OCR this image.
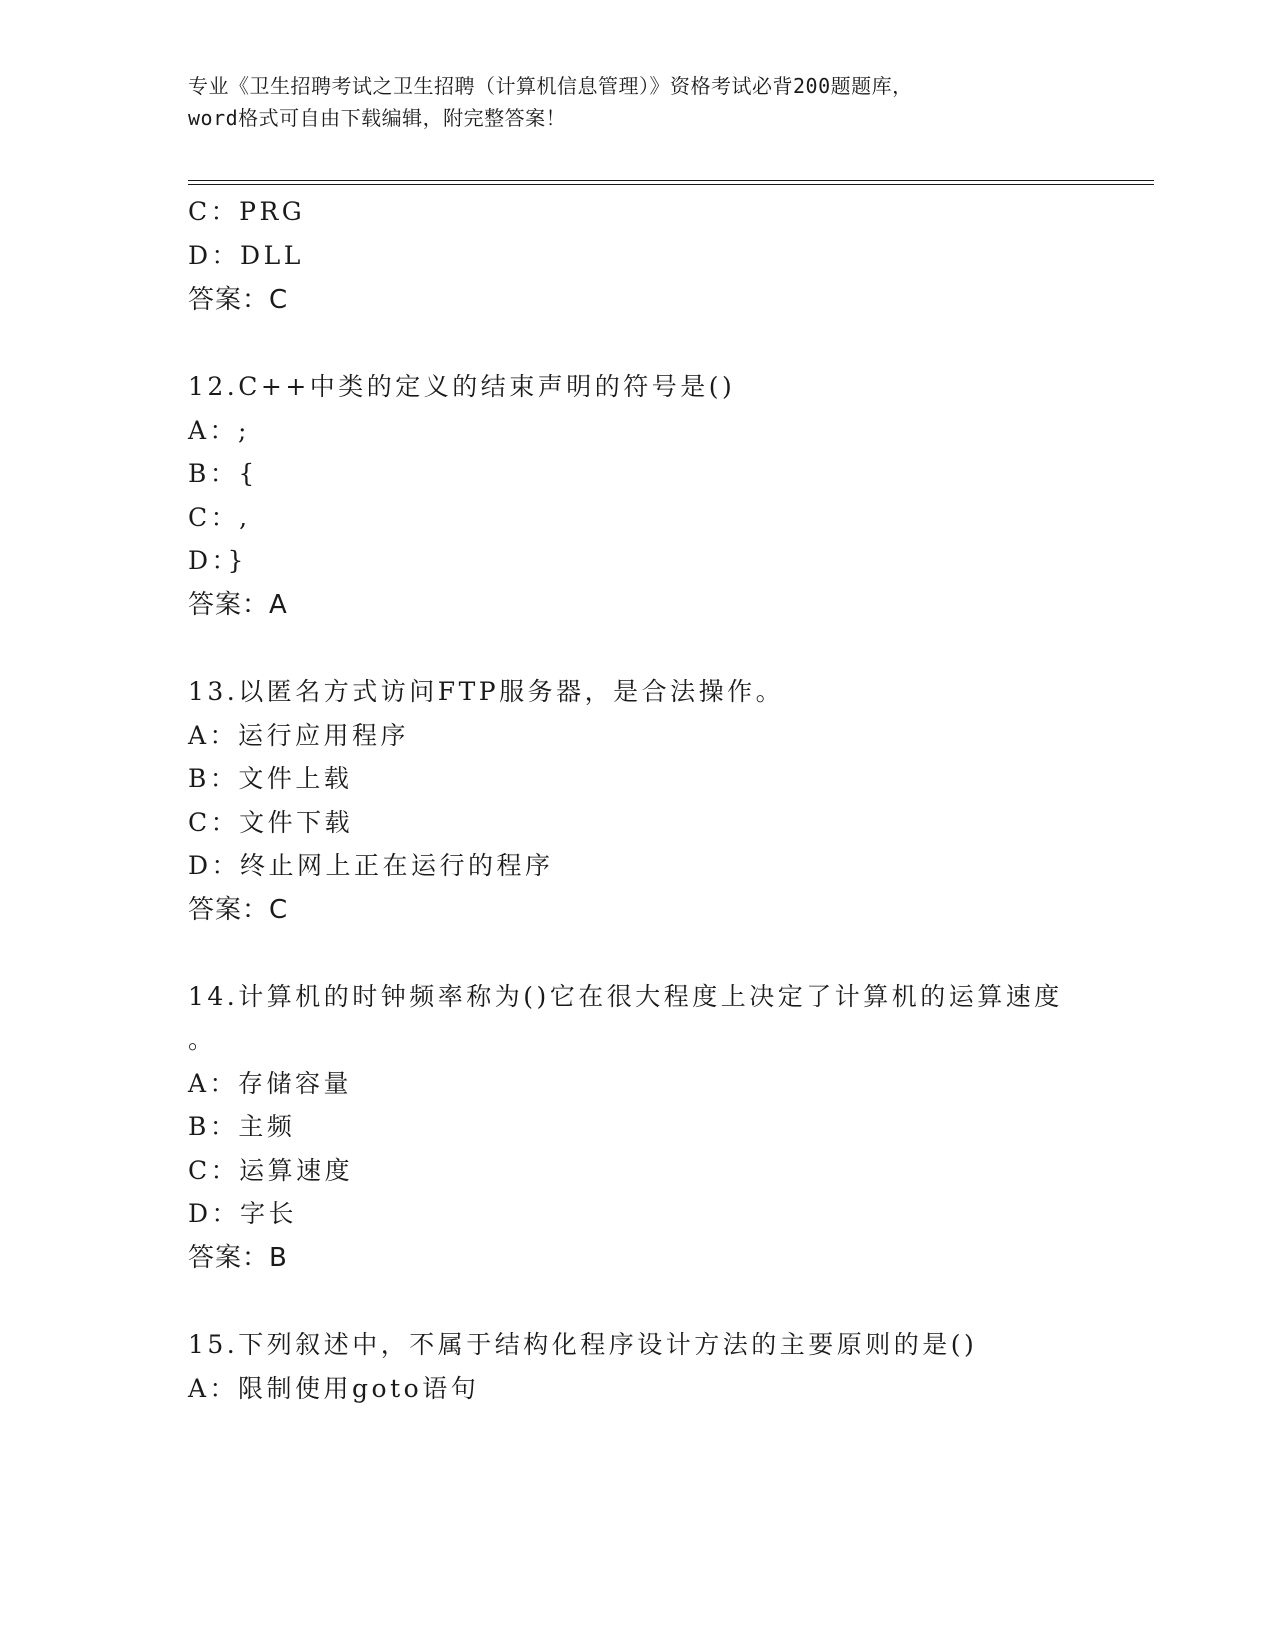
专业《卫生招聘考试之卫生招聘（计算机信息管理）》资格考试必背200题题库，
word格式可自由下载编辑，附完整答案！
C：PRG
D：DLL
答案：C
12.C++中类的定义的结束声明的符号是()
A：;
B：{
C：,
D：}
答案：A
13.以匿名方式访问FTP服务器，是合法操作。
A：运行应用程序
B：文件上载
C：文件下载
D：终止网上正在运行的程序
答案：C
14.计算机的时钟频率称为()它在很大程度上决定了计算机的运算速度
。
A：存储容量
B：主频
C：运算速度
D：字长
答案：B
15.下列叙述中，不属于结构化程序设计方法的主要原则的是()
A：限制使用goto语句
